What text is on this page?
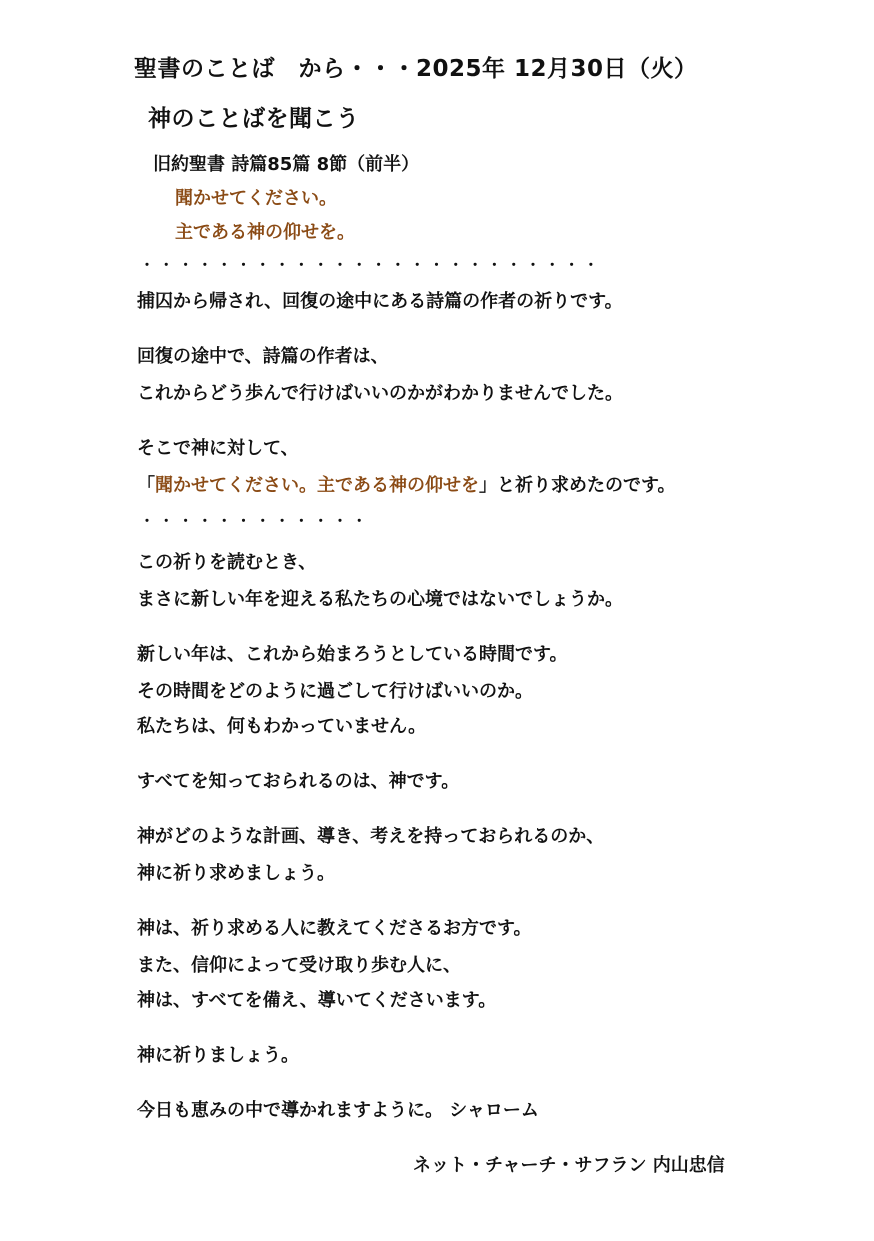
聖書のことば　から・・・2025年 12月30日（火）
神のことばを聞こう
旧約聖書 詩篇85篇 8節（前半）
聞かせてください。
主である神の仰せを。
・・・・・・・・・・・・・・・・・・・・・・・・
捕囚から帰され、回復の途中にある詩篇の作者の祈りです。
回復の途中で、詩篇の作者は、
これからどう歩んで行けばいいのかがわかりませんでした。
そこで神に対して、
「聞かせてください。主である神の仰せを」と祈り求めたのです。
・・・・・・・・・・・・
この祈りを読むとき、
まさに新しい年を迎える私たちの心境ではないでしょうか。
新しい年は、これから始まろうとしている時間です。
その時間をどのように過ごして行けばいいのか。
私たちは、何もわかっていません。
すべてを知っておられるのは、神です。
神がどのような計画、導き、考えを持っておられるのか、
神に祈り求めましょう。
神は、祈り求める人に教えてくださるお方です。
また、信仰によって受け取り歩む人に、
神は、すべてを備え、導いてくださいます。
神に祈りましょう。
今日も恵みの中で導かれますように。 シャローム
ネット・チャーチ・サフラン 内山忠信
